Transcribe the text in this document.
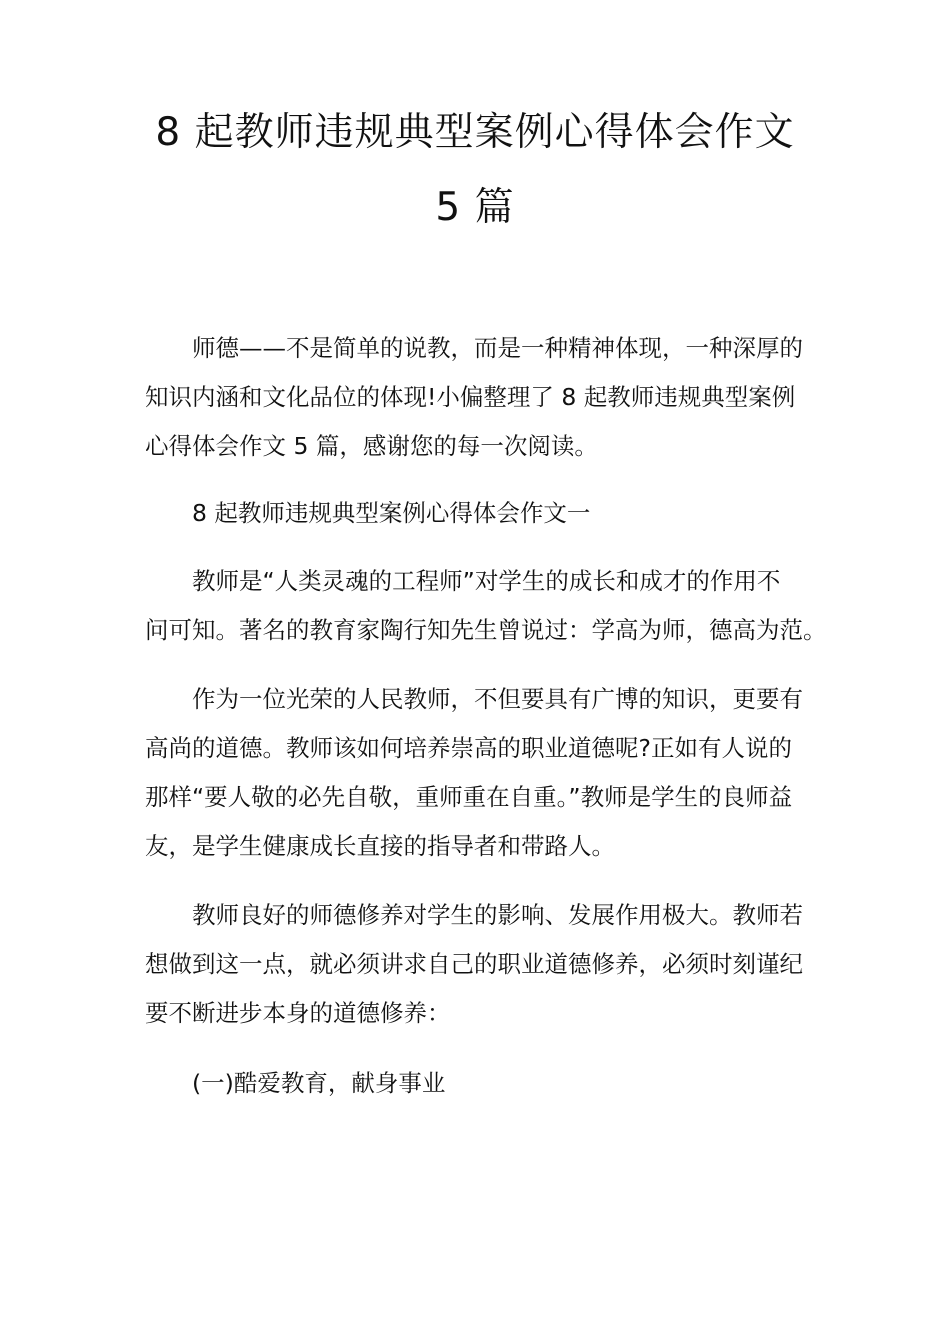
8 起教师违规典型案例心得体会作文
5 篇
师德——不是简单的说教，而是一种精神体现，一种深厚的
知识内涵和文化品位的体现!小偏整理了 8 起教师违规典型案例
心得体会作文 5 篇，感谢您的每一次阅读。
8 起教师违规典型案例心得体会作文一
教师是“人类灵魂的工程师”对学生的成长和成才的作用不
问可知。著名的教育家陶行知先生曾说过：学高为师，德高为范。
作为一位光荣的人民教师，不但要具有广博的知识，更要有
高尚的道德。教师该如何培养崇高的职业道德呢?正如有人说的
那样“要人敬的必先自敬，重师重在自重。”教师是学生的良师益
友，是学生健康成长直接的指导者和带路人。
教师良好的师德修养对学生的影响、发展作用极大。教师若
想做到这一点，就必须讲求自己的职业道德修养，必须时刻谨纪
要不断进步本身的道德修养：
(一)酷爱教育，献身事业
